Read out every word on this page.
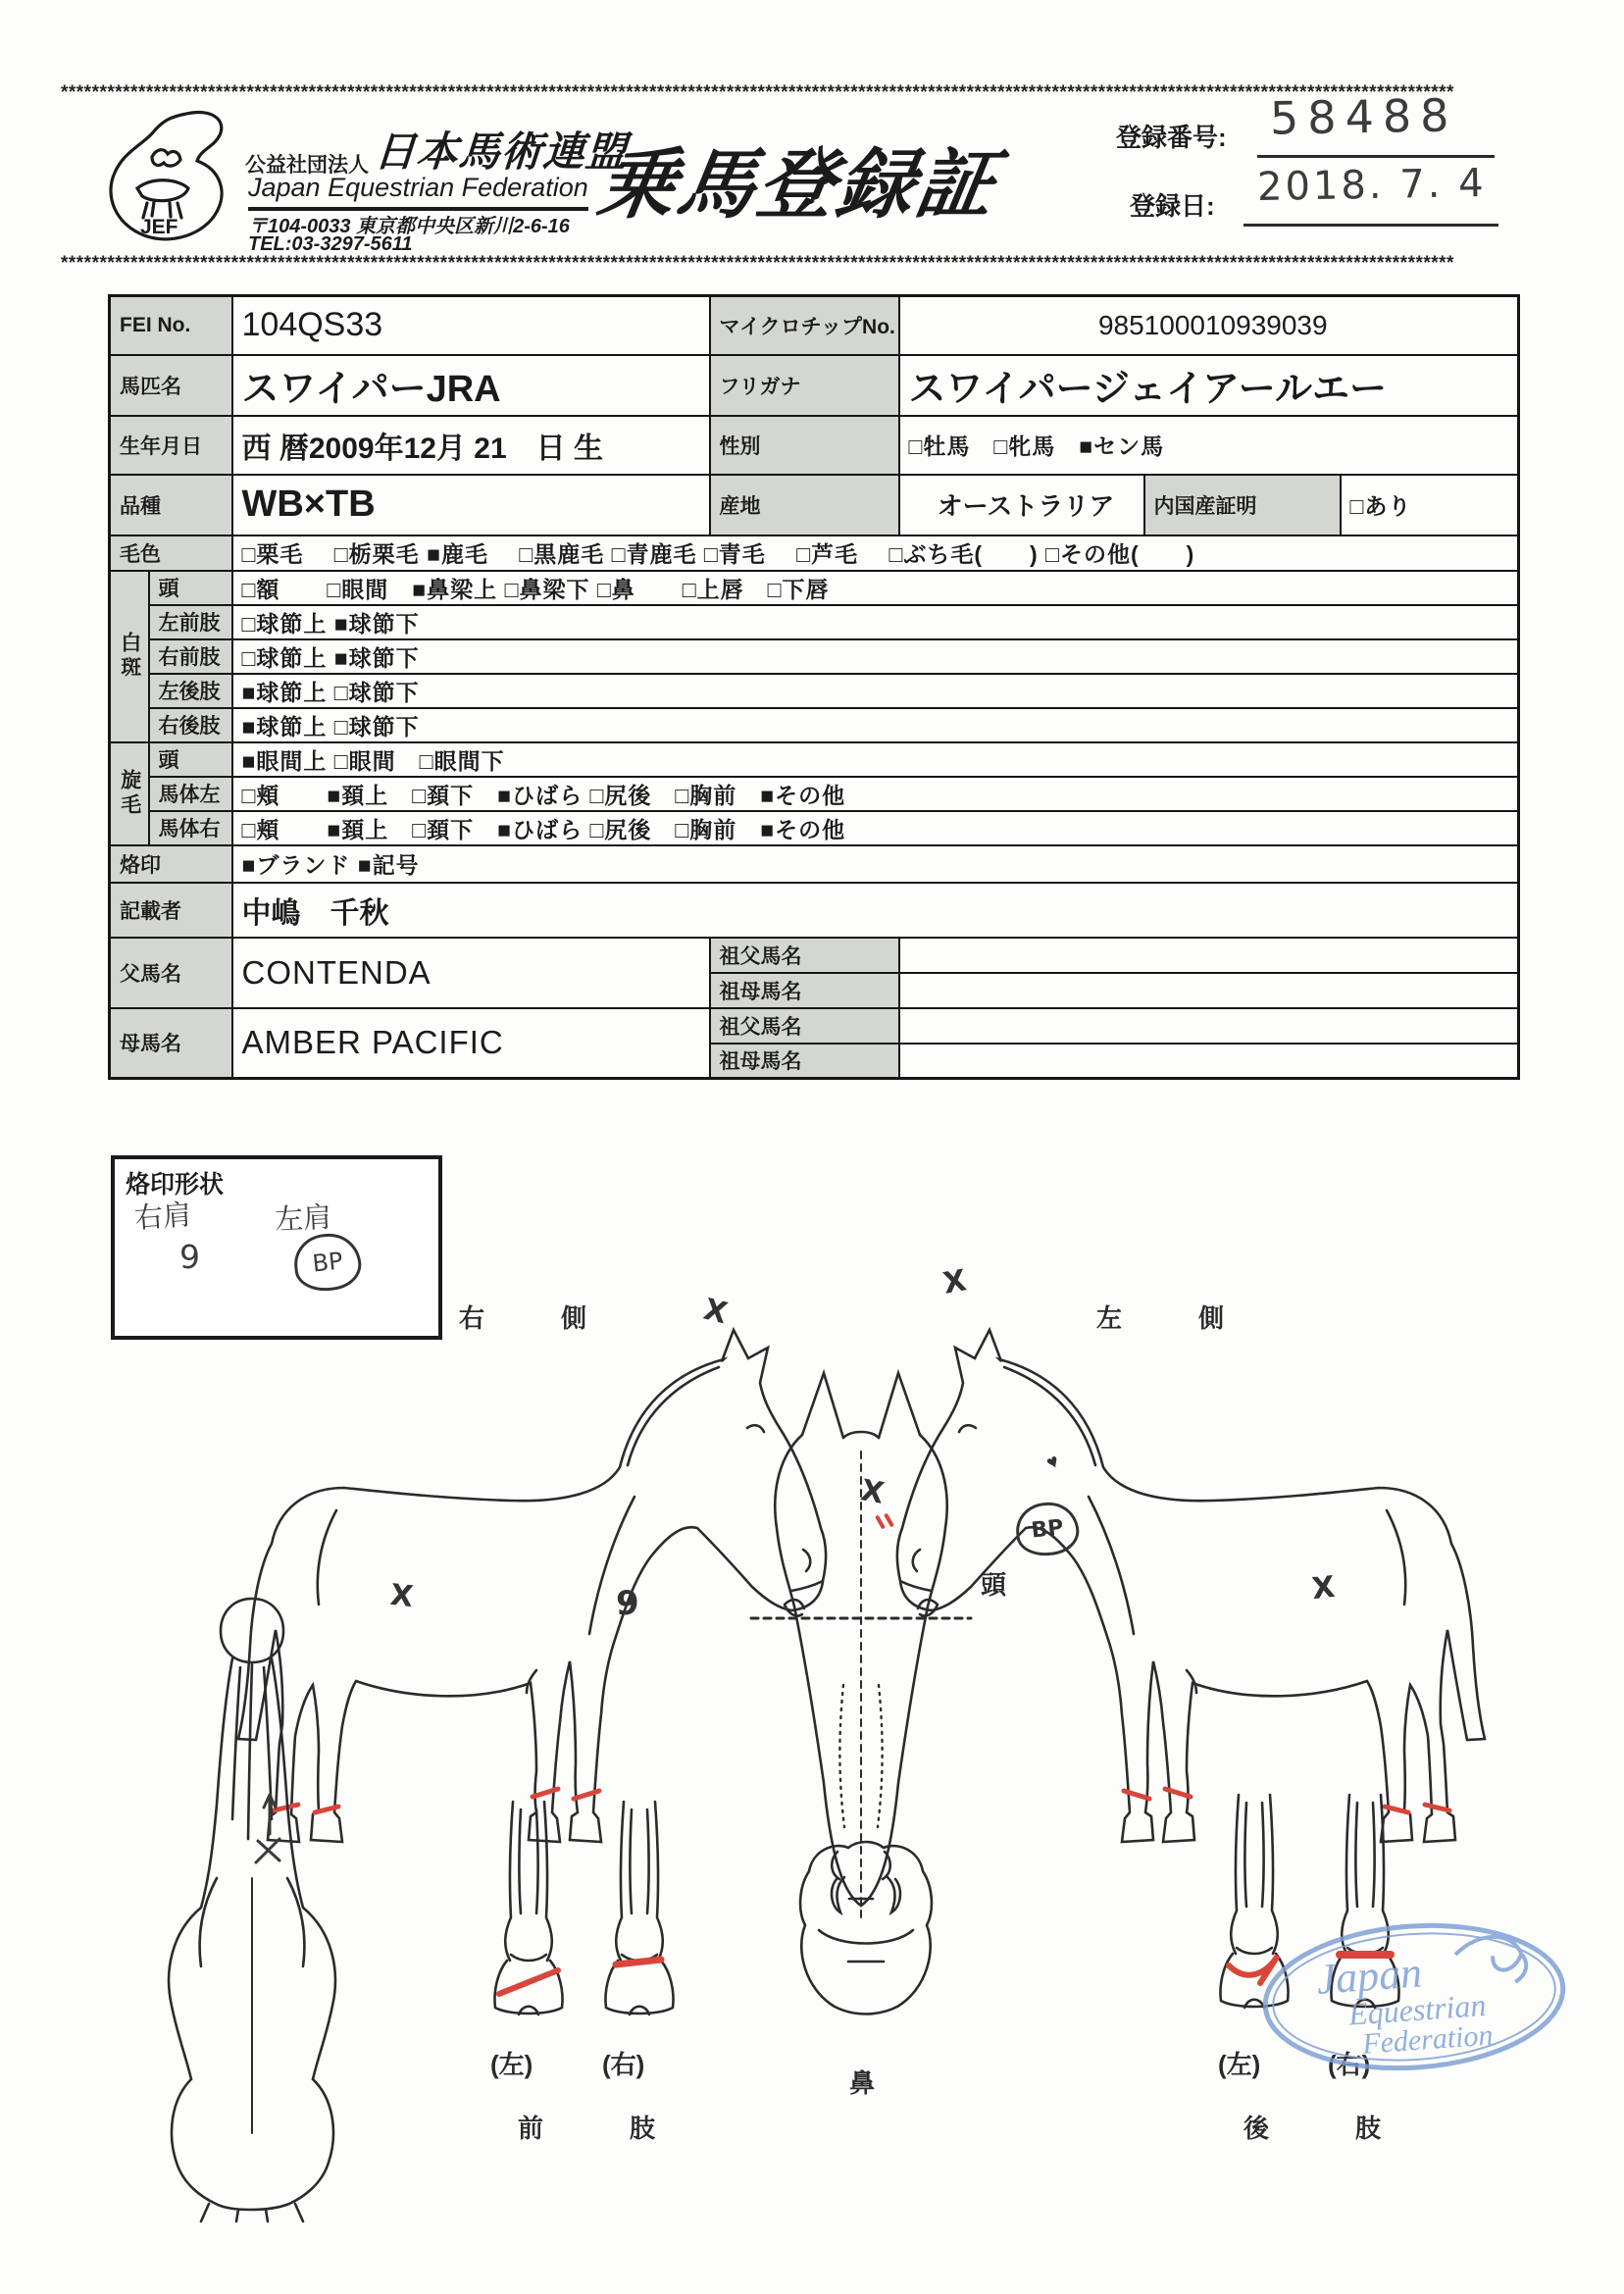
************************************************************************************************************************************************************************************
JEF
公益社団法人 日本馬術連盟
Japan Equestrian Federation
〒104-0033 東京都中央区新川2-6-16
TEL:03-3297-5611
乗馬登録証
登録番号: 58488
登録日: 2018. 7. 4
************************************************************************************************************************************************************************************
FEI No.		104QS33	マイクロチップNo.	985100010939039		
馬匹名		スワイパーJRA	フリガナ	スワイパージェイアールエー		
生年月日		西 暦2009年12月 21　日 生	性別	□牡馬　□牝馬　■セン馬		
品種		WB×TB	産地	オーストラリア	内国産証明	□あり
毛色		□栗毛　 □栃栗毛 ■鹿毛　 □黒鹿毛 □青鹿毛 □青毛　 □芦毛　 □ぶち毛(　　) □その他(　　)				

白斑	頭	□額　　□眼間　■鼻梁上 □鼻梁下 □鼻　　□上唇　□下唇				
	左前肢	□球節上 ■球節下				
	右前肢	□球節上 ■球節下				
	左後肢	■球節上 □球節下				
	右後肢	■球節上 □球節下				

旋毛	頭	■眼間上 □眼間　□眼間下				
	馬体左	□頬　　■頚上　□頚下　■ひばら □尻後　□胸前　■その他				
	馬体右	□頬　　■頚上　□頚下　■ひばら □尻後　□胸前　■その他				
烙印		■ブランド ■記号				
記載者		中嶋　千秋				
父馬名		CONTENDA	祖父馬名			
			祖母馬名			
母馬名		AMBER PACIFIC	祖父馬名			
			祖母馬名			
烙印形状
右肩
9
左肩
BP
右　側	左　側
頭
(左)	(右)
前	肢
鼻
(左)	(右)
後	肢
X
X
X	X
9
BP
♥
X
Japan
Equestrian
Federation
